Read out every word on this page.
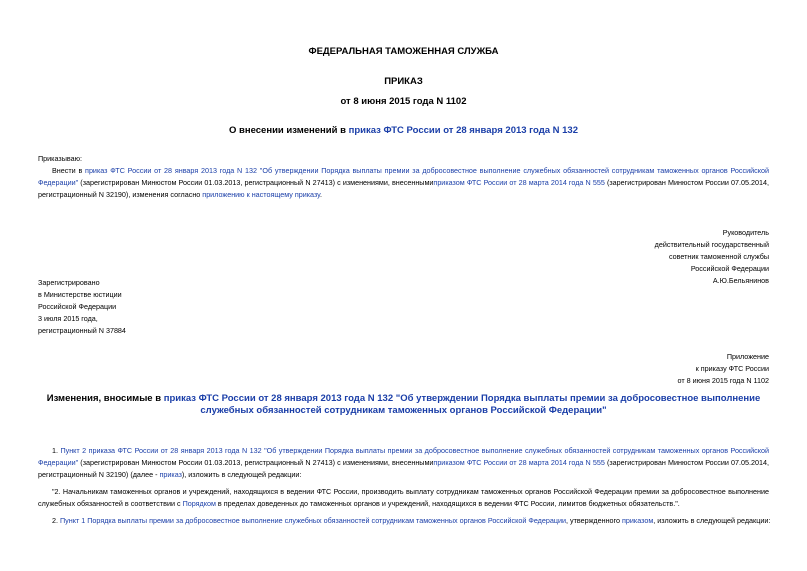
ФЕДЕРАЛЬНАЯ ТАМОЖЕННАЯ СЛУЖБА
ПРИКАЗ
от 8 июня 2015 года N 1102
О внесении изменений в приказ ФТС России от 28 января 2013 года N 132
Приказываю:
Внести в приказ ФТС России от 28 января 2013 года N 132 "Об утверждении Порядка выплаты премии за добросовестное выполнение служебных обязанностей сотрудникам таможенных органов Российской Федерации" (зарегистрирован Минюстом России 01.03.2013, регистрационный N 27413) с изменениями, внесеннымиприказом ФТС России от 28 марта 2014 года N 555 (зарегистрирован Минюстом России 07.05.2014, регистрационный N 32190), изменения согласно приложению к настоящему приказу.
Руководитель
действительный государственный
советник таможенной службы
Российской Федерации
А.Ю.Бельянинов
Зарегистрировано
в Министерстве юстиции
Российской Федерации
3 июля 2015 года,
регистрационный N 37884
Приложение
к приказу ФТС России
от 8 июня 2015 года N 1102
Изменения, вносимые в приказ ФТС России от 28 января 2013 года N 132 "Об утверждении Порядка выплаты премии за добросовестное выполнение служебных обязанностей сотрудникам таможенных органов Российской Федерации"
1. Пункт 2 приказа ФТС России от 28 января 2013 года N 132 "Об утверждении Порядка выплаты премии за добросовестное выполнение служебных обязанностей сотрудникам таможенных органов Российской Федерации" (зарегистрирован Минюстом России 01.03.2013, регистрационный N 27413) с изменениями, внесеннымиприказом ФТС России от 28 марта 2014 года N 555 (зарегистрирован Минюстом России 07.05.2014, регистрационный N 32190) (далее - приказ), изложить в следующей редакции:
"2. Начальникам таможенных органов и учреждений, находящихся в ведении ФТС России, производить выплату сотрудникам таможенных органов Российской Федерации премии за добросовестное выполнение служебных обязанностей в соответствии с Порядком в пределах доведенных до таможенных органов и учреждений, находящихся в ведении ФТС России, лимитов бюджетных обязательств.".
2. Пункт 1 Порядка выплаты премии за добросовестное выполнение служебных обязанностей сотрудникам таможенных органов Российской Федерации, утвержденного приказом, изложить в следующей редакции:
